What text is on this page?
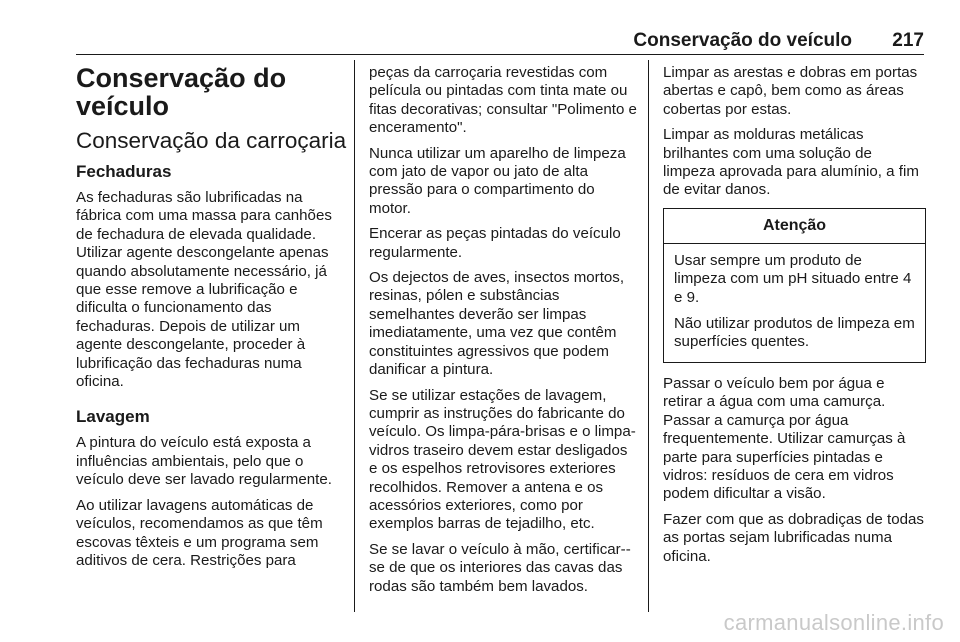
Conservação do veículo 217
Conservação do veículo
Conservação da carroçaria
Fechaduras

As fechaduras são lubrificadas na fábrica com uma massa para canhões de fechadura de elevada qualidade. Utilizar agente descongelante apenas quando absolutamente necessário, já que esse remove a lubrificação e dificulta o funcionamento das fechaduras. Depois de utilizar um agente descongelante, proceder à lubrificação das fechaduras numa oficina.

Lavagem

A pintura do veículo está exposta a influências ambientais, pelo que o veículo deve ser lavado regularmente.

Ao utilizar lavagens automáticas de veículos, recomendamos as que têm escovas têxteis e um programa sem aditivos de cera. Restrições para

peças da carroçaria revestidas com película ou pintadas com tinta mate ou fitas decorativas; consultar "Polimento e enceramento".

Nunca utilizar um aparelho de limpeza com jato de vapor ou jato de alta pressão para o compartimento do motor.

Encerar as peças pintadas do veículo regularmente.

Os dejectos de aves, insectos mortos, resinas, pólen e substâncias semelhantes deverão ser limpas imediatamente, uma vez que contêm constituintes agressivos que podem danificar a pintura.

Se se utilizar estações de lavagem, cumprir as instruções do fabricante do veículo. Os limpa-pára-brisas e o limpa-vidros traseiro devem estar desligados e os espelhos retrovisores exteriores recolhidos. Remover a antena e os acessórios exteriores, como por exemplos barras de tejadilho, etc.

Se se lavar o veículo à mão, certificar--se de que os interiores das cavas das rodas são também bem lavados.

Limpar as arestas e dobras em portas abertas e capô, bem como as áreas cobertas por estas.

Limpar as molduras metálicas brilhantes com uma solução de limpeza aprovada para alumínio, a fim de evitar danos.

Atenção

Usar sempre um produto de limpeza com um pH situado entre 4 e 9.

Não utilizar produtos de limpeza em superfícies quentes.

Passar o veículo bem por água e retirar a água com uma camurça. Passar a camurça por água frequentemente. Utilizar camurças à parte para superfícies pintadas e vidros: resíduos de cera em vidros podem dificultar a visão.

Fazer com que as dobradiças de todas as portas sejam lubrificadas numa oficina.

carmanualsonline.info
